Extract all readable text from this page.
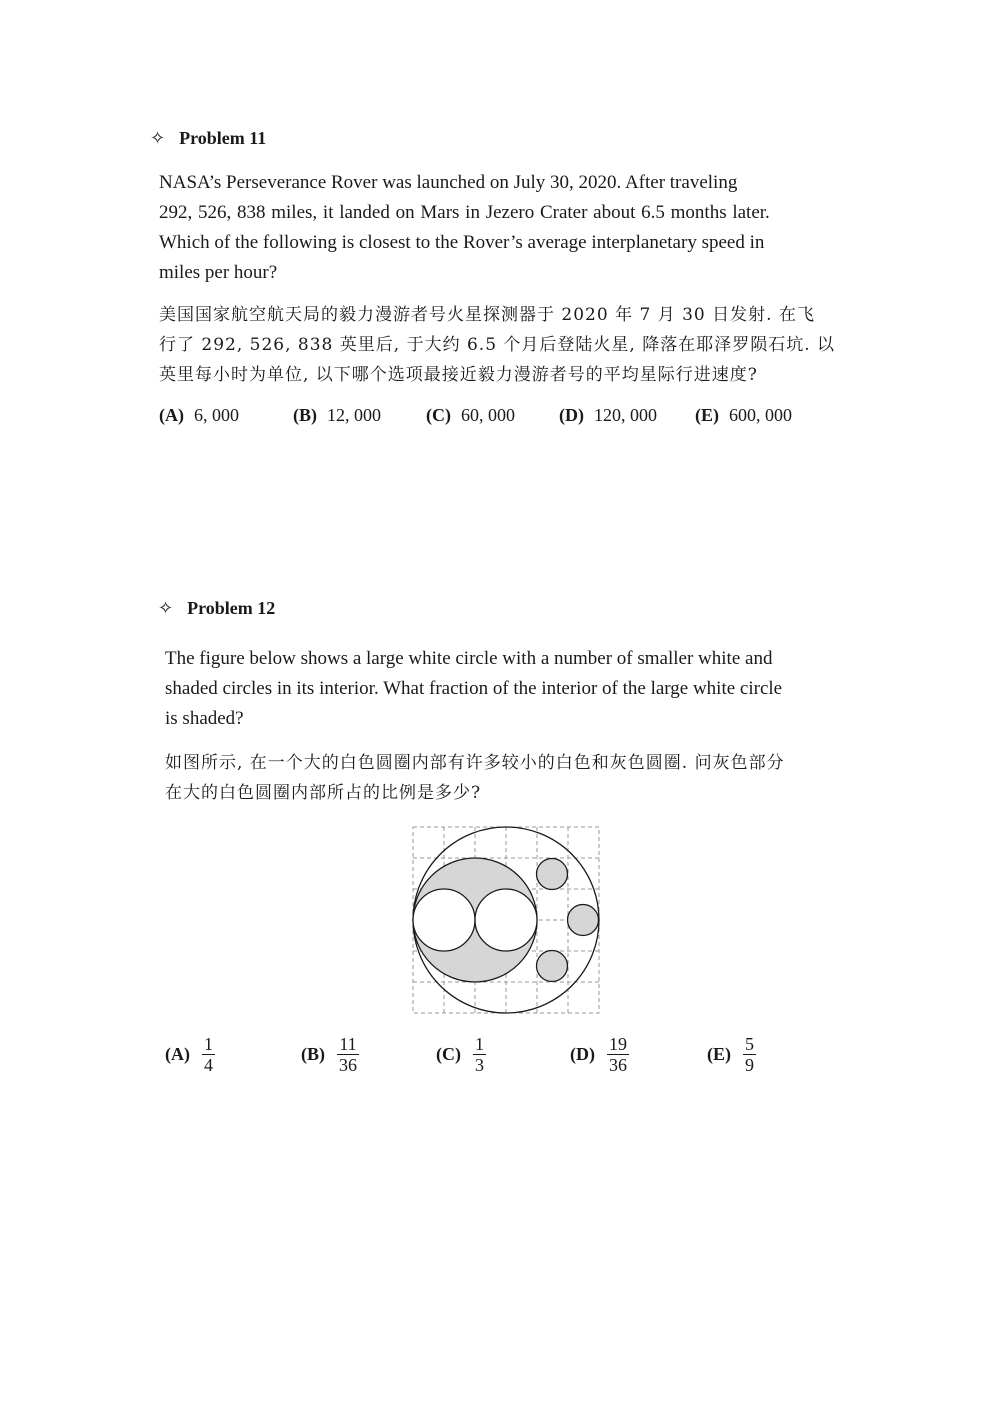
✧ Problem 11
NASA’s Perseverance Rover was launched on July 30, 2020. After traveling
292, 526, 838 miles, it landed on Mars in Jezero Crater about 6.5 months later.
Which of the following is closest to the Rover’s average interplanetary speed in
miles per hour?
美国国家航空航天局的毅力漫游者号火星探测器于 2020 年 7 月 30 日发射. 在飞
行了 292, 526, 838 英里后, 于大约 6.5 个月后登陆火星, 降落在耶泽罗陨石坑. 以
英里每小时为单位, 以下哪个选项最接近毅力漫游者号的平均星际行进速度?
(A) 6, 000	(B) 12, 000	(C) 60, 000 (D) 120, 000 (E) 600, 000
✧ Problem 12
The figure below shows a large white circle with a number of smaller white and
shaded circles in its interior. What fraction of the interior of the large white circle
is shaded?
如图所示, 在一个大的白色圆圈内部有许多较小的白色和灰色圆圈. 问灰色部分
在大的白色圆圈内部所占的比例是多少?
$(A) \frac{1}{4}$	$(B) \frac{11}{36}$	$(C) \frac{1}{3}$	$(D) \frac{19}{36}$	$(E) \frac{5}{9}$
